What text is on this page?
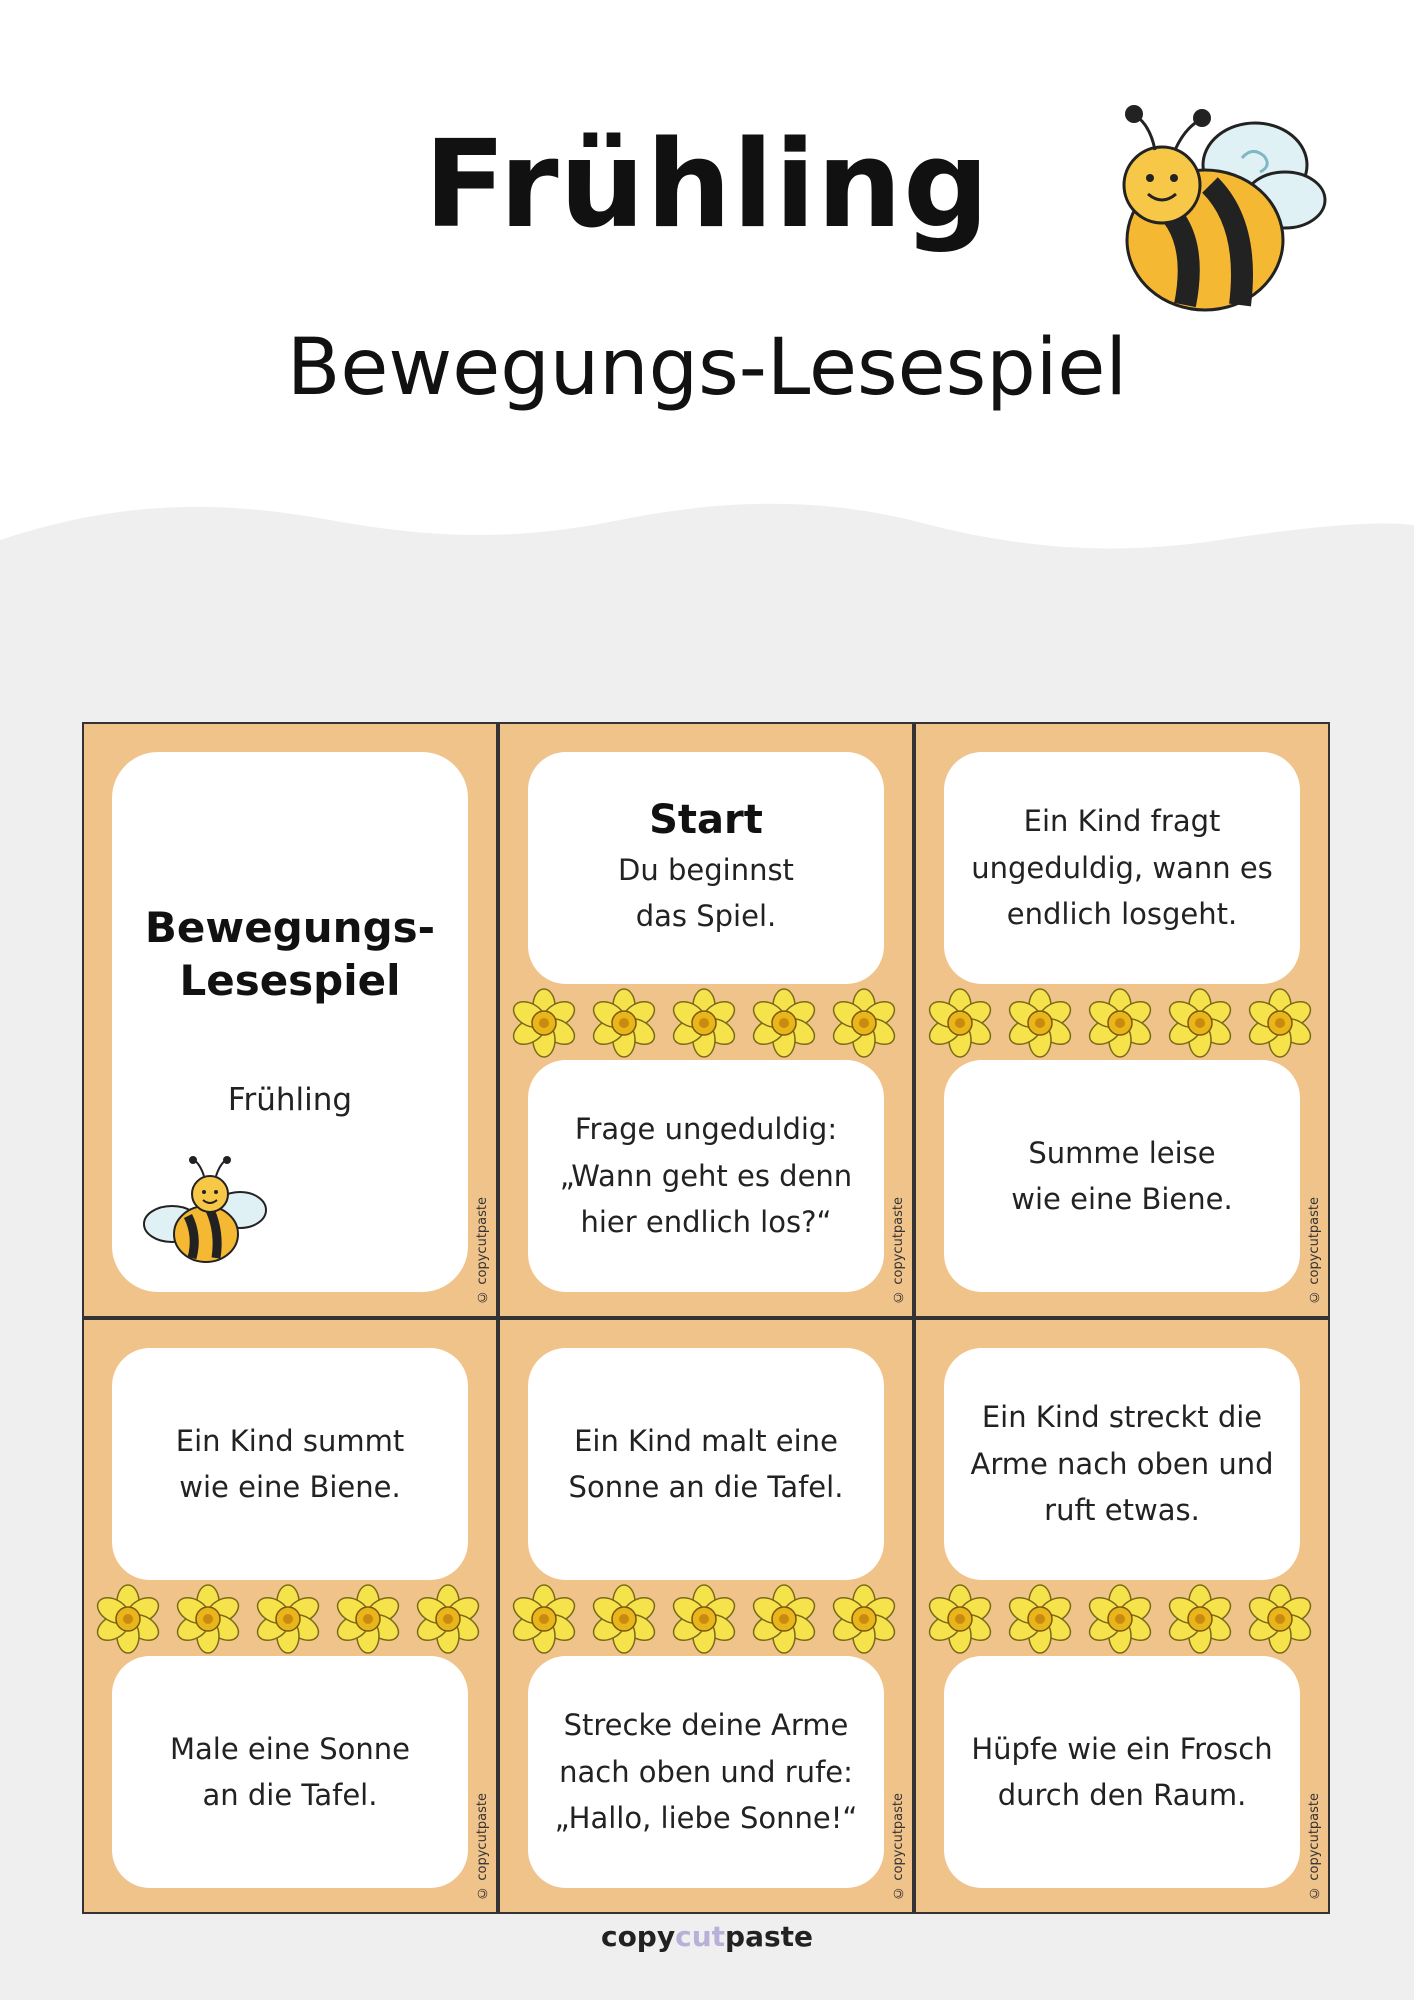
Frühling
Bewegungs-Lesespiel
Bewegungs-
Lesespiel
Frühling
© copycutpaste
Start
Du beginnst
das Spiel.
Frage ungeduldig:
„Wann geht es denn
hier endlich los?“	© copycutpaste
Ein Kind fragt
ungeduldig, wann es
endlich losgeht.
Summe leise
wie eine Biene.	© copycutpaste
Ein Kind summt
wie eine Biene.
Male eine Sonne
an die Tafel.	© copycutpaste
Ein Kind malt eine
Sonne an die Tafel.
Strecke deine Arme
nach oben und rufe:
„Hallo, liebe Sonne!“	© copycutpaste
Ein Kind streckt die
Arme nach oben und
ruft etwas.
Hüpfe wie ein Frosch
durch den Raum.	© copycutpaste
copycutpaste
